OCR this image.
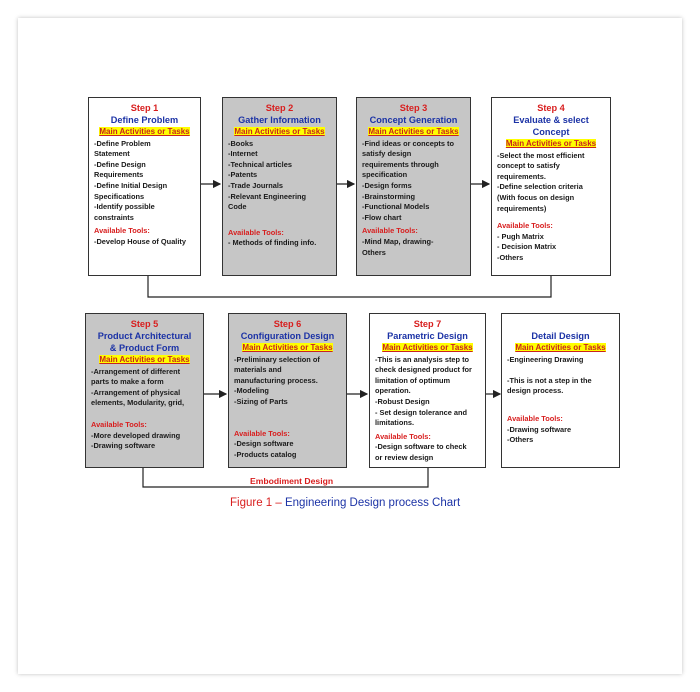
Step 1
Define Problem
Main Activities or Tasks
-Define Problem
Statement
-Define Design
Requirements
-Define Initial Design
Specifications
-Identify possible
constraints
Available Tools:
-Develop House of Quality
Step 2
Gather Information
Main Activities or Tasks
-Books
-Internet
-Technical articles
-Patents
-Trade Journals
-Relevant Engineering
Code
Available Tools:
- Methods of finding info.
Step 3
Concept Generation
Main Activities or Tasks
-Find ideas or concepts to
satisfy design
requirements through
specification
-Design forms
-Brainstorming
-Functional Models
-Flow chart
Available Tools:
-Mind Map, drawing-
Others
Step 4
Evaluate & select
Concept
Main Activities or Tasks
-Select the most efficient
concept to satisfy
requirements.
-Define selection criteria
(With focus on design
requirements)
Available Tools:
- Pugh Matrix
- Decision Matrix
-Others
Step 5
Product Architectural
& Product Form
Main Activities or Tasks
-Arrangement of different
parts to make a form
-Arrangement of physical
elements, Modularity, grid,
Available Tools:
-More developed drawing
-Drawing software
Step 6
Configuration Design
Main Activities or Tasks
-Preliminary selection of
materials and
manufacturing process.
-Modeling
-Sizing of Parts
Available Tools:
-Design software
-Products catalog
Step 7
Parametric Design
Main Activities or Tasks
-This is an analysis step to
check designed product for
limitation of optimum
operation.
-Robust Design
- Set design tolerance and
limitations.
Available Tools:
-Design software to check
or review design
Detail Design
Main Activities or Tasks
-Engineering Drawing

-This is not a step in the
design process.
Available Tools:
-Drawing software
-Others
Embodiment Design
Figure 1 – Engineering Design process Chart
